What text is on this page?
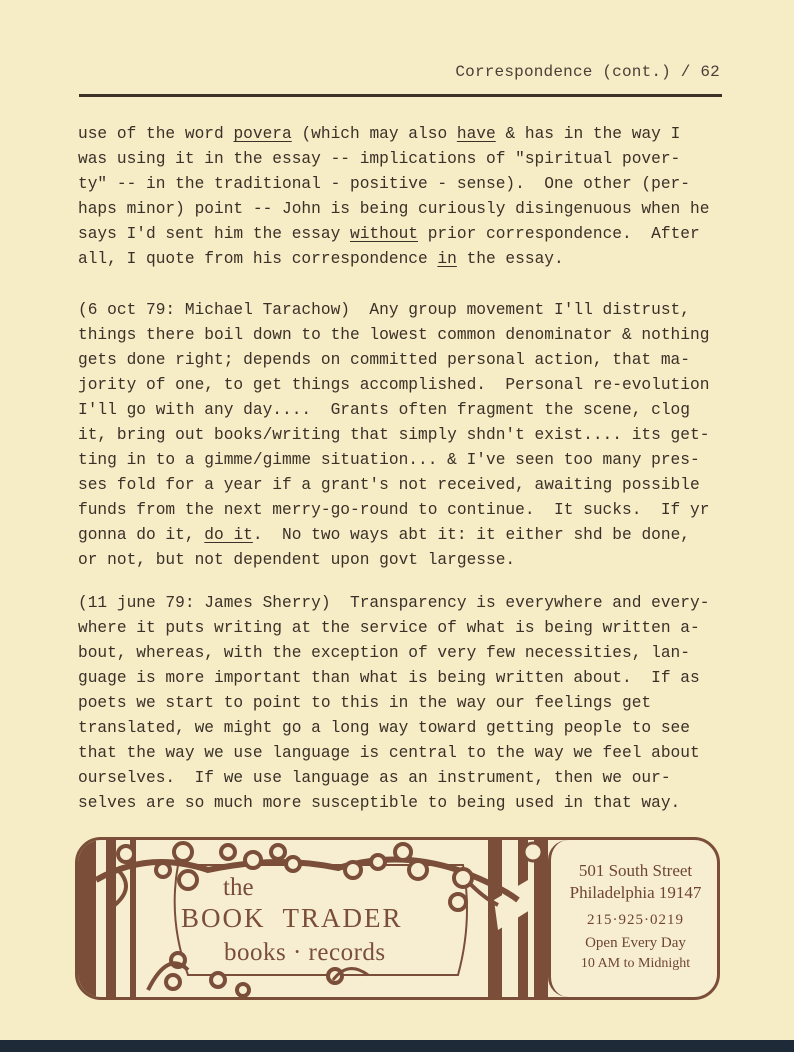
Correspondence (cont.) / 62
use of the word povera (which may also have & has in the way I
was using it in the essay -- implications of "spiritual pover-
ty" -- in the traditional - positive - sense).  One other (per-
haps minor) point -- John is being curiously disingenuous when he
says I'd sent him the essay without prior correspondence.  After
all, I quote from his correspondence in the essay.
(6 oct 79: Michael Tarachow)  Any group movement I'll distrust,
things there boil down to the lowest common denominator & nothing
gets done right; depends on committed personal action, that ma-
jority of one, to get things accomplished.  Personal re-evolution
I'll go with any day....  Grants often fragment the scene, clog
it, bring out books/writing that simply shdn't exist.... its get-
ting in to a gimme/gimme situation... & I've seen too many pres-
ses fold for a year if a grant's not received, awaiting possible
funds from the next merry-go-round to continue.  It sucks.  If yr
gonna do it, do it.  No two ways abt it: it either shd be done,
or not, but not dependent upon govt largesse.
(11 june 79: James Sherry)  Transparency is everywhere and every-
where it puts writing at the service of what is being written a-
bout, whereas, with the exception of very few necessities, lan-
guage is more important than what is being written about.  If as
poets we start to point to this in the way our feelings get
translated, we might go a long way toward getting people to see
that the way we use language is central to the way we feel about
ourselves.  If we use language as an instrument, then we our-
selves are so much more susceptible to being used in that way.
the
BOOK  TRADER
books · records
501 South Street
Philadelphia 19147
215·925·0219
Open Every Day
10 AM to Midnight
